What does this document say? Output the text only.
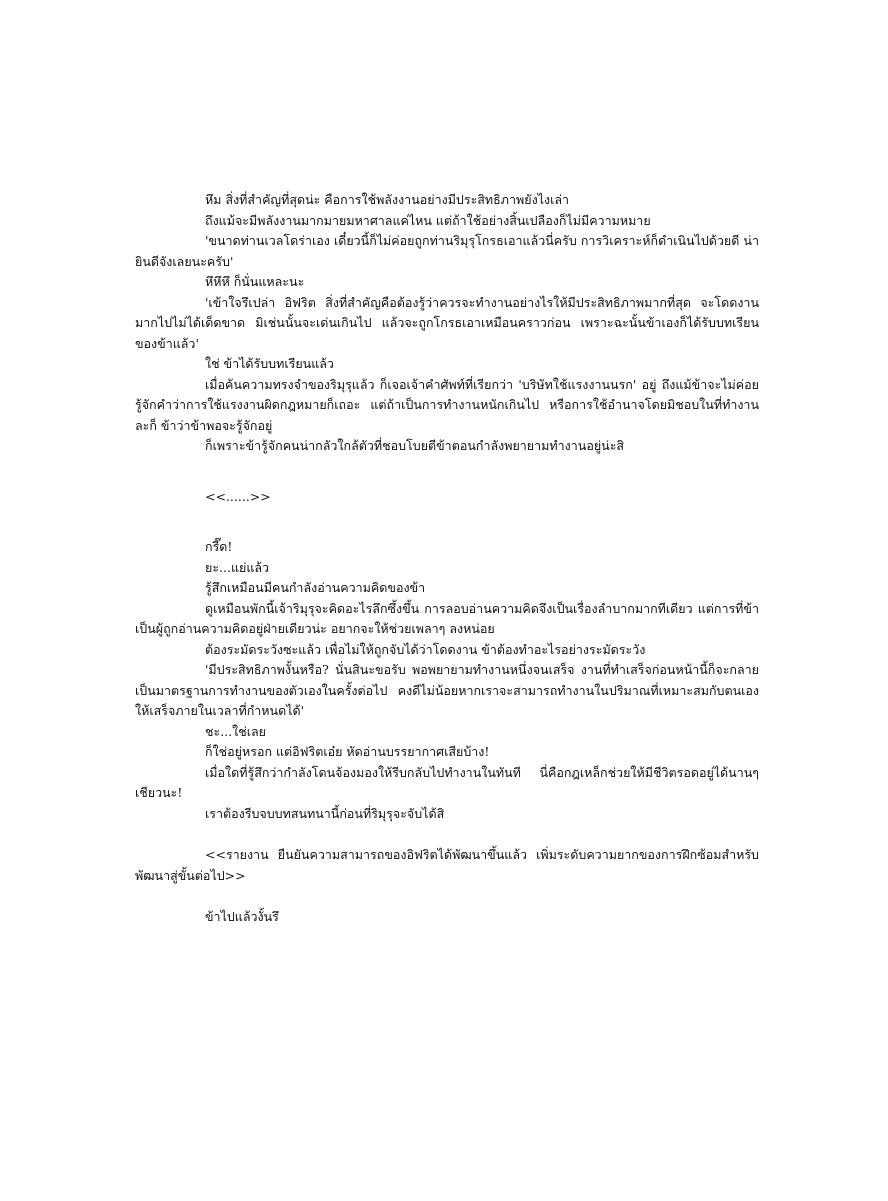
หึม สิ่งที่สำคัญที่สุดน่ะ คือการใช้พลังงานอย่างมีประสิทธิภาพยังไงเล่า

ถึงแม้จะมีพลังงานมากมายมหาศาลแค่ไหน แต่ถ้าใช้อย่างสิ้นเปลืองก็ไม่มีความหมาย

'ขนาดท่านเวลโดร่าเอง เดี๋ยวนี้ก็ไม่ค่อยถูกท่านริมุรุโกรธเอาแล้วนี่ครับ การวิเคราะห์ก็ดำเนินไปด้วยดี น่ายินดีจังเลยนะครับ'

หึหึหึ ก็นั่นแหละนะ

'เข้าใจรึเปล่า อิฟริต สิ่งที่สำคัญคือต้องรู้ว่าควรจะทำงานอย่างไรให้มีประสิทธิภาพมากที่สุด จะโดดงานมากไปไม่ได้เด็ดขาด มิเช่นนั้นจะเด่นเกินไป แล้วจะถูกโกรธเอาเหมือนคราวก่อน เพราะฉะนั้นข้าเองก็ได้รับบทเรียนของข้าแล้ว'

ใช่ ข้าได้รับบทเรียนแล้ว

เมื่อค้นความทรงจำของริมุรุแล้ว ก็เจอเจ้าคำศัพท์ที่เรียกว่า 'บริษัทใช้แรงงานนรก' อยู่ ถึงแม้ข้าจะไม่ค่อยรู้จักคำว่าการใช้แรงงานผิดกฎหมายก็เถอะ แต่ถ้าเป็นการทำงานหนักเกินไป หรือการใช้อำนาจโดยมิชอบในที่ทำงานละก็ ข้าว่าข้าพอจะรู้จักอยู่

ก็เพราะข้ารู้จักคนน่ากลัวใกล้ตัวที่ชอบโบยตีข้าตอนกำลังพยายามทำงานอยู่น่ะสิ

<<......>>

กรี๊ด!

ยะ...แย่แล้ว

รู้สึกเหมือนมีคนกำลังอ่านความคิดของข้า

ดูเหมือนพักนี้เจ้าริมุรุจะคิดอะไรลึกซึ้งขึ้น การลอบอ่านความคิดจึงเป็นเรื่องลำบากมากทีเดียว แต่การที่ข้าเป็นผู้ถูกอ่านความคิดอยู่ฝ่ายเดียวน่ะ อยากจะให้ช่วยเพลาๆ ลงหน่อย

ต้องระมัดระวังซะแล้ว เพื่อไม่ให้ถูกจับได้ว่าโดดงาน ข้าต้องทำอะไรอย่างระมัดระวัง

'มีประสิทธิภาพงั้นหรือ? นั่นสินะขอรับ พอพยายามทำงานหนึ่งจนเสร็จ งานที่ทำเสร็จก่อนหน้านี้ก็จะกลายเป็นมาตรฐานการทำงานของตัวเองในครั้งต่อไป คงดีไม่น้อยหากเราจะสามารถทำงานในปริมาณที่เหมาะสมกับตนเองให้เสร็จภายในเวลาที่กำหนดได้'

ชะ...ใช่เลย

ก็ใช่อยู่หรอก แต่อิฟริตเอ๋ย หัดอ่านบรรยากาศเสียบ้าง!

เมื่อใดที่รู้สึกว่ากำลังโดนจ้องมองให้รีบกลับไปทำงานในทันที นี่คือกฎเหล็กช่วยให้มีชีวิตรอดอยู่ได้นานๆ เชียวนะ!

เราต้องรีบจบบทสนทนานี้ก่อนที่ริมุรุจะจับได้สิ

<<รายงาน ยืนยันความสามารถของอิฟริตได้พัฒนาขึ้นแล้ว เพิ่มระดับความยากของการฝึกซ้อมสำหรับพัฒนาสู่ขั้นต่อไป>>

ข้าไปแล้วงั้นรึ
